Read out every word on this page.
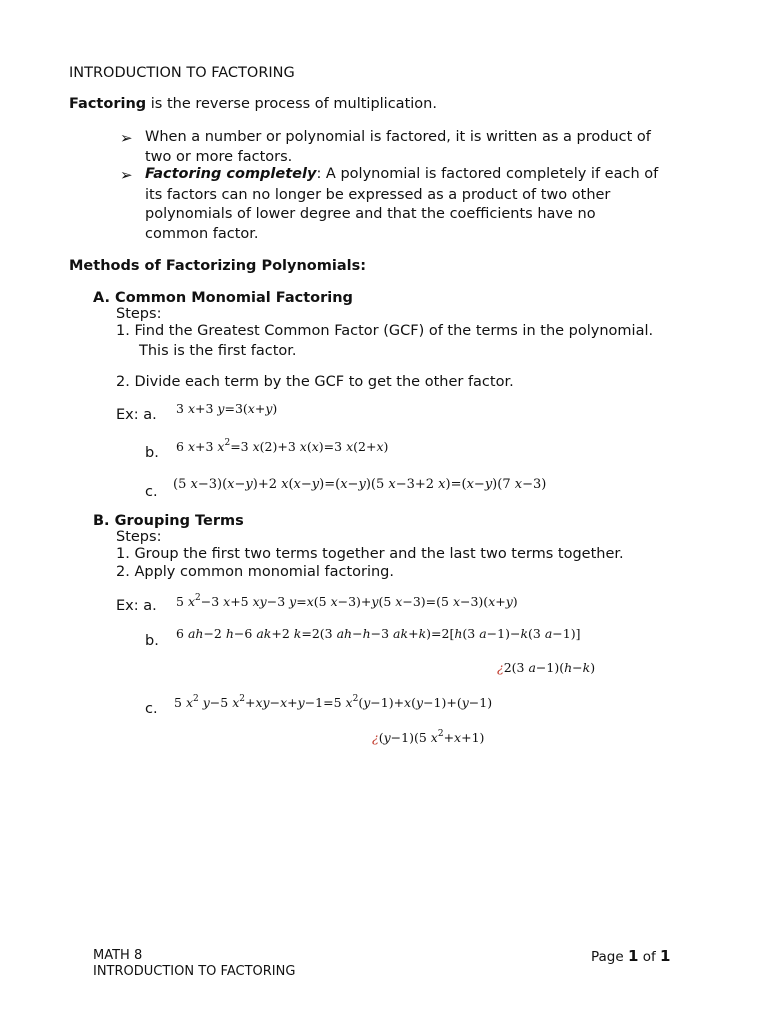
INTRODUCTION TO FACTORING
Factoring is the reverse process of multiplication.
➢ When a number or polynomial is factored, it is written as a product of
two or more factors.
➢ Factoring completely: A polynomial is factored completely if each of
its factors can no longer be expressed as a product of two other
polynomials of lower degree and that the coefficients have no
common factor.
Methods of Factorizing Polynomials:
A. Common Monomial Factoring
Steps:
1. Find the Greatest Common Factor (GCF) of the terms in the polynomial.
This is the first factor.
2. Divide each term by the GCF to get the other factor.
Ex: a. 3 x+3 y=3(x+y)
b. 6 x+3 $x^2=3$ x(2)+3 x(x)=3 x(2+x)
c. (5 x−3)(x−y)+2 x(x−y)=(x−y)(5 x−3+2 x)=(x−y)(7 x−3)
B. Grouping Terms
Steps:
1. Group the first two terms together and the last two terms together.
2. Apply common monomial factoring.
Ex: a. 5 $x^2-3$ x+5 xy−3 y=x(5 x−3)+y(5 x−3)=(5 x−3)(x+y)
b. 6 ah−2 h−6 ak+2 k=2(3 ah−h−3 ak+k)=2[h(3 a−1)−k(3 a−1)]
¿2(3 a−1)(h−k)
c. 5 $x^2$ y−5 $x^2+xy-x+y-1=5$ $x^2(y-1)+x(y-1)+(y-1)$
¿(y−1)(5 $x^2+x+1$)
MATH 8
INTRODUCTION TO FACTORING
Page 1 of 1
